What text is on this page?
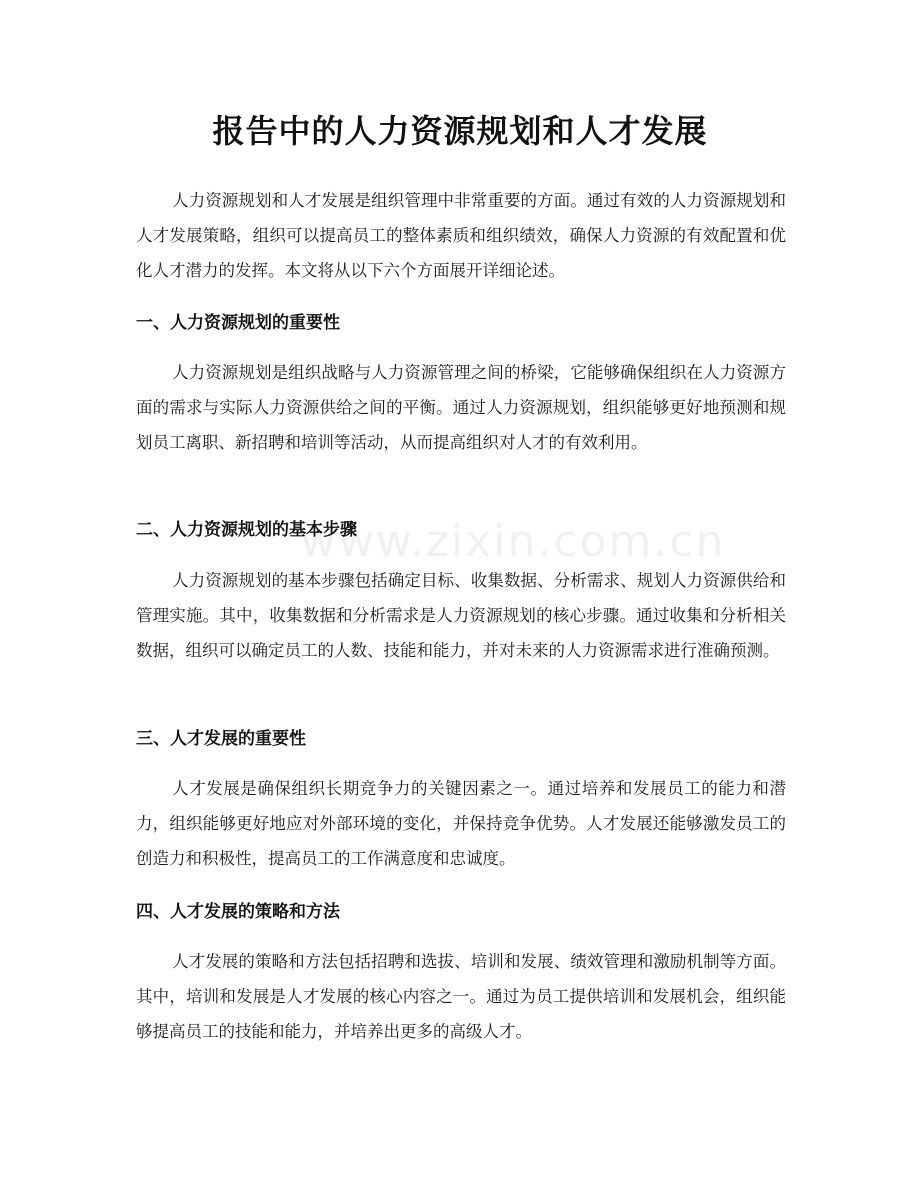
报告中的人力资源规划和人才发展

人力资源规划和人才发展是组织管理中非常重要的方面。通过有效的人力资源规划和人才发展策略，组织可以提高员工的整体素质和组织绩效，确保人力资源的有效配置和优化人才潜力的发挥。本文将从以下六个方面展开详细论述。

一、人力资源规划的重要性

人力资源规划是组织战略与人力资源管理之间的桥梁，它能够确保组织在人力资源方面的需求与实际人力资源供给之间的平衡。通过人力资源规划，组织能够更好地预测和规划员工离职、新招聘和培训等活动，从而提高组织对人才的有效利用。

二、人力资源规划的基本步骤

人力资源规划的基本步骤包括确定目标、收集数据、分析需求、规划人力资源供给和管理实施。其中，收集数据和分析需求是人力资源规划的核心步骤。通过收集和分析相关数据，组织可以确定员工的人数、技能和能力，并对未来的人力资源需求进行准确预测。

三、人才发展的重要性

人才发展是确保组织长期竞争力的关键因素之一。通过培养和发展员工的能力和潜力，组织能够更好地应对外部环境的变化，并保持竞争优势。人才发展还能够激发员工的创造力和积极性，提高员工的工作满意度和忠诚度。

四、人才发展的策略和方法

人才发展的策略和方法包括招聘和选拔、培训和发展、绩效管理和激励机制等方面。其中，培训和发展是人才发展的核心内容之一。通过为员工提供培训和发展机会，组织能够提高员工的技能和能力，并培养出更多的高级人才。

www.zixin.com.cn
